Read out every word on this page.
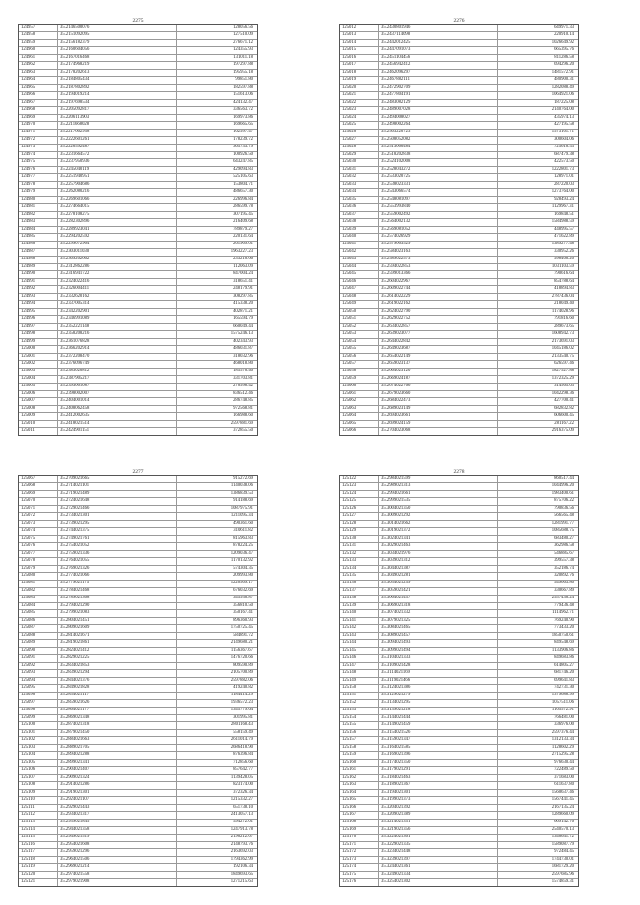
2275
124957	35.2146500076	128056.56
124958	35.2151092095	127510.09
124959	35.2156182379	276671.12
124960	35.2160604056	124355.93
124961	35.2167016468	131011.18
124962	35.2174968219	197297.88
124963	35.2178202613	195955.18
124964	35.2184805434	99851.80
124965	35.2187802892	182597.88
124966	35.2194019214	151613.06
124967	35.2197698534	424132.47
124968	35.2205092817	336563.72
124969	35.2206113903	169973.86
124970	35.2211668028	169665.65
124971	35.2217602958	162997.47
124972	35.2222601261	178239.72
124973	35.2226592487	365733.79
124974	35.2231664572	100926.50
124975	35.2237950936	643247.85
124976	35.2245040119	429094.83
124977	35.2251940951	525105.63
124978	35.2257904686	153804.71
124979	35.2262080216	486657.30
124980	35.2269601066	226996.84
124981	35.2274664015	286599.78
124982	35.2278108275	307195.45
124983	35.2282302896	216409.68
124984	35.2289923041	789879.27
124985	35.2294202592	220131.64
124986	35.2299072904	261909.01
124987	35.2303011030	1963227.23
124988	35.2309202602	233216.66
124989	35.2312862286	112063.09
124990	35.2316941722	847004.24
124991	35.2324022416	318651.41
124992	35.2326004411	248179.91
124993	35.2332620162	308297.85
124994	35.2337005314	415338.20
124995	35.2342202901	402871.21
124996	35.2346991089	165594.79
124997	35.2352221148	660049.44
124998	35.2358208216	1575246.13
124999	35.2361076828	402343.93
125000	35.2366202914	486031.87
125001	35.2372208470	318032.96
125002	35.2376096749	468018.80
125003	35.2383020812	185576.40
125004	35.2387905217	331703.81
125005	35.2393001087	276998.42
125006	35.2398002007	836512.46
125007	35.2404001014	286748.85
125008	35.2408062458	972568.81
125009	35.2412002635	166988.60
125010	35.2418021514	2597881.69
125011	35.2424901151	372855.50
2276
125012	35.2430801946	649971.33
125013	35.2437114098	220910.14
125014	35.2442012425	1026649.92
125015	35.2447091073	665395.76
125016	35.2451104456	811286.58
125017	35.2456942412	694296.20
125018	35.2462096297	1481572.91
125019	35.2467882111	480900.31
125020	35.2472902709	1282088.49
125021	35.2477804191	1064921.06
125022	35.2483082129	187225.08
125023	35.2489007028	2140764.00
125024	35.2494008027	435974.13
125025	35.2498002264	427195.58
125026	35.2503220723	1573101.71
125027	35.2508052082	300604.06
125028	35.2513006484	725616.53
125029	35.2518202838	687479.38
125030	35.2524102008	422573.50
125031	35.2528043272	1222801.73
125032	35.2533020725	128971.01
125033	35.2538023331	287220.03
125034	35.2543066574	1273764.00
125035	35.2548081097	928493.24
125036	35.2553993840	1129967.31
125037	35.2559002492	169848.51
125038	35.2564002132	1584988.59
125039	35.2569081052	448995.57
125040	35.2574026929	471622.89
125041	35.2579003529	1389277.48
125042	35.2584023163	330952.26
125043	35.2589022573	998406.20
125044	35.2594022853	1031103.59
125045	35.2599013366	790616.64
125046	35.2604022967	854788.64
125047	35.2609022744	418894.83
125048	35.2614022229	2787436.04
125049	35.2619022162	218049.40
125050	35.2624022790	1174028.96
125051	35.2629022752	791816.60
125052	35.2634022857	289673.65
125053	35.2639023077	1608942.73
125054	35.2644022842	2173691.03
125055	35.2649023687	1045186.02
125056	35.2654022149	2133540.75
125057	35.2659023137	626597.46
125058	35.2664023120	1827527.88
125059	35.2669024187	1372325.29
125060	35.2674022766	314565.03
125061	35.2679023660	1042298.36
125062	35.2684022473	427700.41
125063	35.2689023149	682832.82
125064	35.2694023661	606600.45
125065	35.2699024159	281167.22
125066	35.2704023068	2916375.09
2277
125067	35.2709021665	915272.69
125068	35.2714021101	1140038.06
125069	35.2719021489	1386839.53
125070	35.2724021648	914188.69
125071	35.2729021466	1087975.91
125072	35.2734021301	1211095.34
125073	35.2739021295	490361.60
125074	35.2744021375	310611.82
125075	35.2749021761	815963.83
125076	35.2754021052	878224.25
125077	35.2759021336	1209036.47
125078	35.2764021055	1170132.92
125079	35.2769021326	574304.35
125080	35.2774021066	209993.80
125081	35.2779021175	1220509.17
125082	35.2784021468	676032.69
125083	35.2789021308	345936.87
125084	35.2794021290	356810.50
125085	35.2799021083	350167.41
125086	35.2804021451	896360.93
125087	35.2809021609	1750725.45
125088	35.2814021671	584891.72
125089	35.2819021861	2149680.21
125090	35.2824021412	1156367.67
125091	35.2829021225	1476720.66
125092	35.2834021853	809590.89
125093	35.2839021294	2105700.89
125094	35.2844021376	2597882.06
125095	35.2849021828	419240.82
125096	35.2854021117	1184414.29
125097	35.2859021626	1936572.23
125098	35.2864021177	1345779.64
125099	35.2869021348	301995.81
125100	35.2874021318	2801168.43
125101	35.2879021450	558159.49
125102	35.2884021663	2611014.79
125103	35.2889021705	2686418.90
125104	35.2894021288	876396.84
125105	35.2899021341	712856.60
125106	35.2904021407	857642.77
125107	35.2909021324	1139428.05
125108	35.2914021286	823174.00
125109	35.2919021301	372326.34
125110	35.2924021107	1215332.27
125111	35.2929021443	651738.10
125112	35.2934021317	2413057.13
125113	35.2939021845	594272.01
125114	35.2944021358	1247913.78
125115	35.2949021519	2196212.67
125116	35.2954021608	2148793.76
125117	35.2959021296	2163692.03
125118	35.2964021506	1794362.99
125119	35.2969021214	192106.34
125120	35.2974021558	1849693.65
125121	35.2979021908	1271215.63
2278
125122	35.2984021599	860517.44
125123	35.2989021313	1044996.20
125124	35.2994021661	1983400.61
125125	35.2999021535	875706.22
125126	35.3004021350	790836.56
125127	35.3009021292	566565.48
125128	35.3014021662	1281991.77
125129	35.3019021372	1085688.75
125130	35.3024021341	683480.27
125131	35.3029021463	362986.58
125132	35.3034021976	546885.67
125133	35.3039021312	399557.38
125134	35.3044021387	352186.74
125135	35.3049021281	320892.76
125136	35.3054021259	549663.80
125137	35.3059021421	330667.89
125138	35.3064021457	2557436.24
125139	35.3069021318	779436.48
125140	35.3074021332	1114962.71
125141	35.3079021325	769240.90
125142	35.3084021465	773433.20
125143	35.3089021457	1850750.61
125144	35.3094021493	849548.69
125145	35.3099021494	1133906.86
125146	35.3104021333	849683.86
125147	35.3109021428	614805.27
125148	35.3114021169	681746.20
125149	35.3119021466	699641.83
125150	35.3124021386	742731.30
125151	35.3129021279	1379688.99
125152	35.3134021295	1057511.06
125153	35.3139021218	1165572.91
125154	35.3144021444	766481.00
125155	35.3149021459	336976.00
125156	35.3154021526	2597376.44
125157	35.3159021347	1312133.34
125158	35.3164021585	1128602.29
125159	35.3169021396	2715295.28
125160	35.3174021350	976630.44
125161	35.3179021291	722489.50
125162	35.3184021463	371683.00
125163	35.3189021367	611637.80
125164	35.3194021301	1560637.46
125165	35.3199021373	1567441.45
125166	35.3204021392	2167135.24
125167	35.3209021389	1289660.09
125168	35.3214021351	669142.76
125169	35.3219021356	2540570.13
125170	35.3224021301	1346641.72
125171	35.3229021335	1589087.79
125172	35.3234021448	972484.45
125173	35.3239021397	1744730.01
125174	35.3244021361	1681729.20
125175	35.3249021334	2597685.96
125176	35.3254021302	1574859.31
